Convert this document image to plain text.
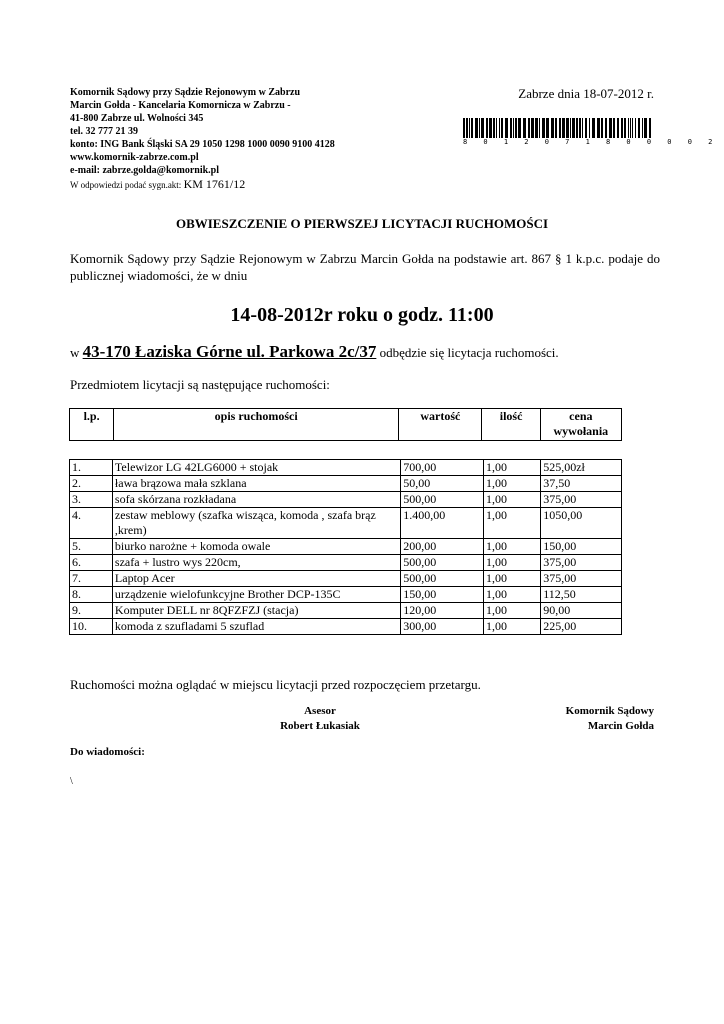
Komornik Sądowy przy Sądzie Rejonowym w Zabrzu
Marcin Gołda - Kancelaria Komornicza w Zabrzu -
41-800 Zabrze ul. Wolności 345
tel. 32 777 21 39
konto: ING Bank Śląski SA 29 1050 1298 1000 0090 9100 4128
www.komornik-zabrze.com.pl
e-mail: zabrze.golda@komornik.pl
W odpowiedzi podać sygn.akt: KM 1761/12
Zabrze dnia 18-07-2012 r.
8 0 1 2 0 7 1 8 0 0 0 0 2
OBWIESZCZENIE O PIERWSZEJ LICYTACJI RUCHOMOŚCI
Komornik Sądowy przy Sądzie Rejonowym w Zabrzu Marcin Gołda na podstawie art. 867 § 1 k.p.c. podaje do publicznej wiadomości, że w dniu
14-08-2012r roku o godz. 11:00
w 43-170 Łaziska Górne ul. Parkowa 2c/37 odbędzie się licytacja ruchomości.
Przedmiotem licytacji są następujące ruchomości:
l.p.	opis ruchomości	wartość	ilość	cena wywołania
1.	Telewizor LG 42LG6000 + stojak	700,00	1,00	525,00zł
2.	ława brązowa mała szklana	50,00	1,00	37,50
3.	sofa skórzana rozkładana	500,00	1,00	375,00
4.	zestaw meblowy (szafka wisząca, komoda , szafa brąz ,krem)	1.400,00	1,00	1050,00
5.	biurko narożne + komoda owale	200,00	1,00	150,00
6.	szafa + lustro wys 220cm,	500,00	1,00	375,00
7.	Laptop Acer	500,00	1,00	375,00
8.	urządzenie wielofunkcyjne Brother DCP-135C	150,00	1,00	112,50
9.	Komputer DELL nr 8QFZFZJ (stacja)	120,00	1,00	90,00
10.	komoda z szufladami 5 szuflad	300,00	1,00	225,00
Ruchomości można oglądać w miejscu licytacji przed rozpoczęciem przetargu.
Asesor
Robert Łukasiak
Komornik Sądowy
Marcin Gołda
Do wiadomości:
\
